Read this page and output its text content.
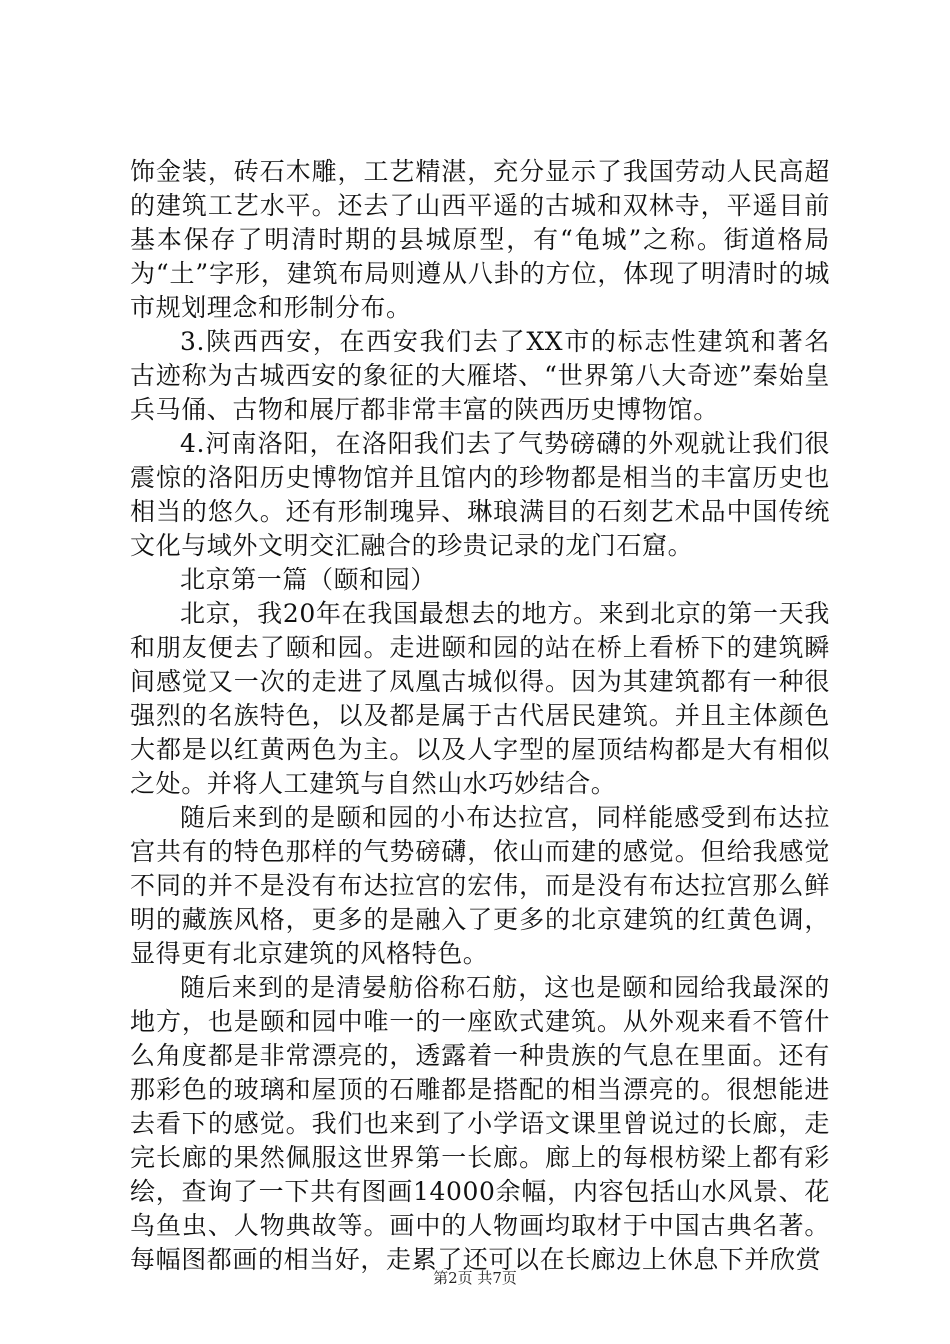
饰金装，砖石木雕，工艺精湛，充分显示了我国劳动人民高超的建筑工艺水平。还去了山西平遥的古城和双林寺，平遥目前基本保存了明清时期的县城原型，有“龟城”之称。街道格局为“土”字形，建筑布局则遵从八卦的方位，体现了明清时的城市规划理念和形制分布。

3.陕西西安，在西安我们去了XX市的标志性建筑和著名古迹称为古城西安的象征的大雁塔、“世界第八大奇迹”秦始皇兵马俑、古物和展厅都非常丰富的陕西历史博物馆。

4.河南洛阳，在洛阳我们去了气势磅礴的外观就让我们很震惊的洛阳历史博物馆并且馆内的珍物都是相当的丰富历史也相当的悠久。还有形制瑰异、琳琅满目的石刻艺术品中国传统文化与域外文明交汇融合的珍贵记录的龙门石窟。

北京第一篇（颐和园）

北京，我20年在我国最想去的地方。来到北京的第一天我和朋友便去了颐和园。走进颐和园的站在桥上看桥下的建筑瞬间感觉又一次的走进了凤凰古城似得。因为其建筑都有一种很强烈的名族特色，以及都是属于古代居民建筑。并且主体颜色大都是以红黄两色为主。以及人字型的屋顶结构都是大有相似之处。并将人工建筑与自然山水巧妙结合。

随后来到的是颐和园的小布达拉宫，同样能感受到布达拉宫共有的特色那样的气势磅礴，依山而建的感觉。但给我感觉不同的并不是没有布达拉宫的宏伟，而是没有布达拉宫那么鲜明的藏族风格，更多的是融入了更多的北京建筑的红黄色调，显得更有北京建筑的风格特色。

随后来到的是清晏舫俗称石舫，这也是颐和园给我最深的地方，也是颐和园中唯一的一座欧式建筑。从外观来看不管什么角度都是非常漂亮的，透露着一种贵族的气息在里面。还有那彩色的玻璃和屋顶的石雕都是搭配的相当漂亮的。很想能进去看下的感觉。我们也来到了小学语文课里曾说过的长廊，走完长廊的果然佩服这世界第一长廊。廊上的每根枋梁上都有彩绘，查询了一下共有图画14000余幅，内容包括山水风景、花鸟鱼虫、人物典故等。画中的人物画均取材于中国古典名著。每幅图都画的相当好，走累了还可以在长廊边上休息下并欣赏

第2页 共7页
